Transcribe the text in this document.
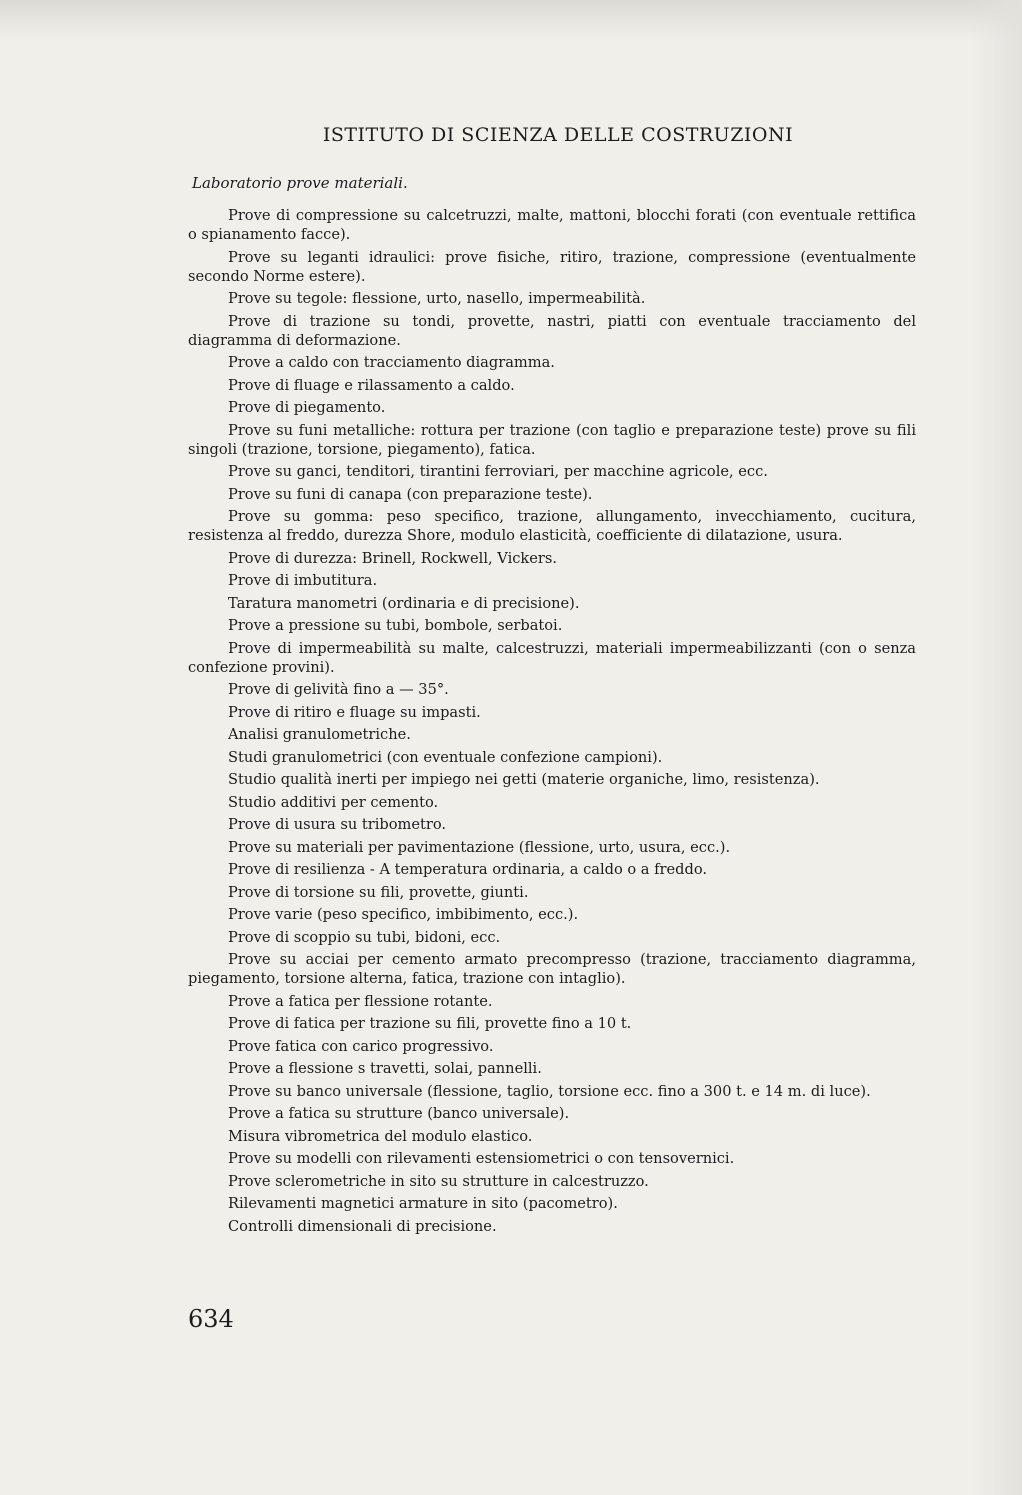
ISTITUTO DI SCIENZA DELLE COSTRUZIONI

Laboratorio prove materiali.

Prove di compressione su calcetruzzi, malte, mattoni, blocchi forati (con eventuale rettifica o spianamento facce).
Prove su leganti idraulici: prove fisiche, ritiro, trazione, compressione (eventualmente secondo Norme estere).
Prove su tegole: flessione, urto, nasello, impermeabilità.
Prove di trazione su tondi, provette, nastri, piatti con eventuale tracciamento del diagramma di deformazione.
Prove a caldo con tracciamento diagramma.
Prove di fluage e rilassamento a caldo.
Prove di piegamento.
Prove su funi metalliche: rottura per trazione (con taglio e preparazione teste) prove su fili singoli (trazione, torsione, piegamento), fatica.
Prove su ganci, tenditori, tirantini ferroviari, per macchine agricole, ecc.
Prove su funi di canapa (con preparazione teste).
Prove su gomma: peso specifico, trazione, allungamento, invecchiamento, cucitura, resistenza al freddo, durezza Shore, modulo elasticità, coefficiente di dilatazione, usura.
Prove di durezza: Brinell, Rockwell, Vickers.
Prove di imbutitura.
Taratura manometri (ordinaria e di precisione).
Prove a pressione su tubi, bombole, serbatoi.
Prove di impermeabilità su malte, calcestruzzi, materiali impermeabilizzanti (con o senza confezione provini).
Prove di gelività fino a — 35°.
Prove di ritiro e fluage su impasti.
Analisi granulometriche.
Studi granulometrici (con eventuale confezione campioni).
Studio qualità inerti per impiego nei getti (materie organiche, limo, resistenza).
Studio additivi per cemento.
Prove di usura su tribometro.
Prove su materiali per pavimentazione (flessione, urto, usura, ecc.).
Prove di resilienza - A temperatura ordinaria, a caldo o a freddo.
Prove di torsione su fili, provette, giunti.
Prove varie (peso specifico, imbibimento, ecc.).
Prove di scoppio su tubi, bidoni, ecc.
Prove su acciai per cemento armato precompresso (trazione, tracciamento diagramma, piegamento, torsione alterna, fatica, trazione con intaglio).
Prove a fatica per flessione rotante.
Prove di fatica per trazione su fili, provette fino a 10 t.
Prove fatica con carico progressivo.
Prove a flessione s travetti, solai, pannelli.
Prove su banco universale (flessione, taglio, torsione ecc. fino a 300 t. e 14 m. di luce).
Prove a fatica su strutture (banco universale).
Misura vibrometrica del modulo elastico.
Prove su modelli con rilevamenti estensiometrici o con tensovernici.
Prove sclerometriche in sito su strutture in calcestruzzo.
Rilevamenti magnetici armature in sito (pacometro).
Controlli dimensionali di precisione.

634
